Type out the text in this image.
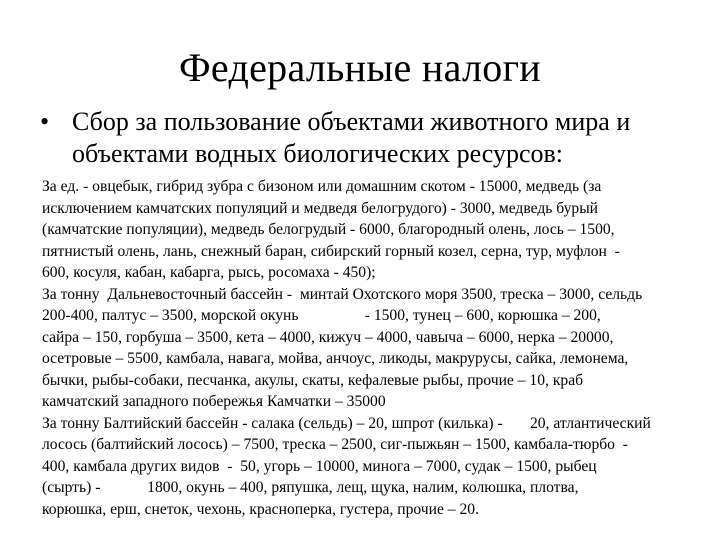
Федеральные налоги
• Сбор за пользование объектами животного мира и
объектами водных биологических ресурсов:

За ед. - овцебык, гибрид зубра с бизоном или домашним скотом - 15000, медведь (за
исключением камчатских популяций и медведя белогрудого) - 3000, медведь бурый
(камчатские популяции), медведь белогрудый - 6000, благородный олень, лось – 1500,
пятнистый олень, лань, снежный баран, сибирский горный козел, серна, тур, муфлон  -
600, косуля, кабан, кабарга, рысь, росомаха - 450);

За тонну  Дальневосточный бассейн -  минтай Охотского моря 3500, треска – 3000, сельдь
200-400, палтус – 3500, морской окунь                 - 1500, тунец – 600, корюшка – 200,
сайра – 150, горбуша – 3500, кета – 4000, кижуч – 4000, чавыча – 6000, нерка – 20000,
осетровые – 5500, камбала, навага, мойва, анчоус, ликоды, макрурусы, сайка, лемонема,
бычки, рыбы-собаки, песчанка, акулы, скаты, кефалевые рыбы, прочие – 10, краб
камчатский западного побережья Камчатки – 35000

За тонну Балтийский бассейн - салака (сельдь) – 20, шпрот (килька) -       20, атлантический
лосось (балтийский лосось) – 7500, треска – 2500, сиг-пыжьян – 1500, камбала-тюрбо  -
400, камбала других видов  -  50, угорь – 10000, минога – 7000, судак – 1500, рыбец
(сырть) -            1800, окунь – 400, ряпушка, лещ, щука, налим, колюшка, плотва,
корюшка, ерш, снеток, чехонь, красноперка, густера, прочие – 20.
